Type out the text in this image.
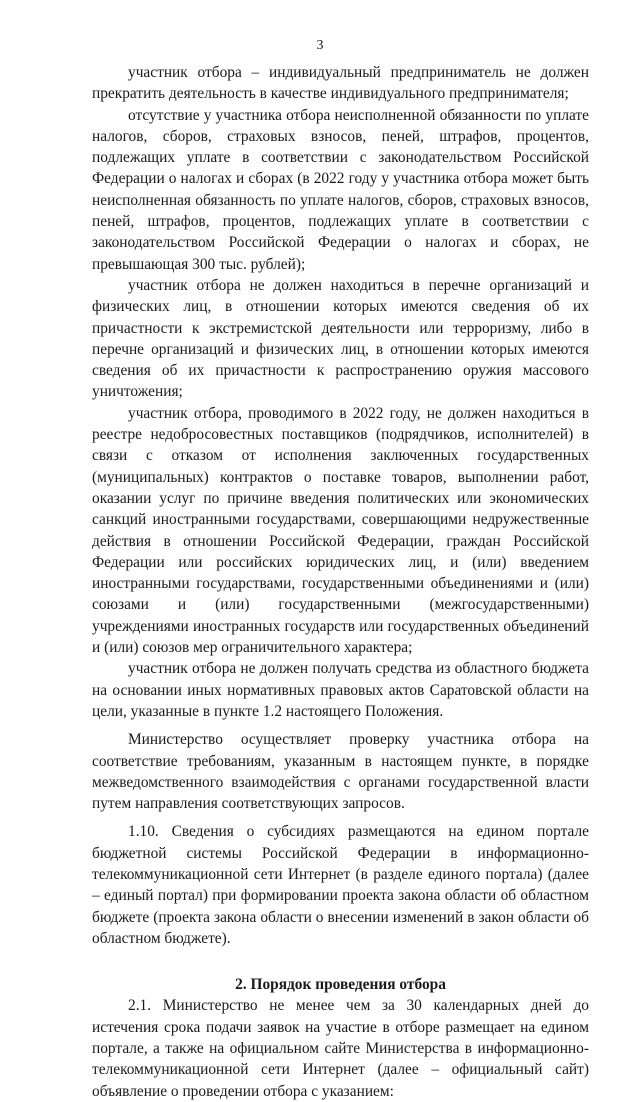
3

участник отбора – индивидуальный предприниматель не должен прекратить деятельность в качестве индивидуального предпринимателя;

отсутствие у участника отбора неисполненной обязанности по уплате налогов, сборов, страховых взносов, пеней, штрафов, процентов, подлежащих уплате в соответствии с законодательством Российской Федерации о налогах и сборах (в 2022 году у участника отбора может быть неисполненная обязанность по уплате налогов, сборов, страховых взносов, пеней, штрафов, процентов, подлежащих уплате в соответствии с законодательством Российской Федерации о налогах и сборах, не превышающая 300 тыс. рублей);

участник отбора не должен находиться в перечне организаций и физических лиц, в отношении которых имеются сведения об их причастности к экстремистской деятельности или терроризму, либо в перечне организаций и физических лиц, в отношении которых имеются сведения об их причастности к распространению оружия массового уничтожения;

участник отбора, проводимого в 2022 году, не должен находиться в реестре недобросовестных поставщиков (подрядчиков, исполнителей) в связи с отказом от исполнения заключенных государственных (муниципальных) контрактов о поставке товаров, выполнении работ, оказании услуг по причине введения политических или экономических санкций иностранными государствами, совершающими недружественные действия в отношении Российской Федерации, граждан Российской Федерации или российских юридических лиц, и (или) введением иностранными государствами, государственными объединениями и (или) союзами и (или) государственными (межгосударственными) учреждениями иностранных государств или государственных объединений и (или) союзов мер ограничительного характера;

участник отбора не должен получать средства из областного бюджета на основании иных нормативных правовых актов Саратовской области на цели, указанные в пункте 1.2 настоящего Положения.

Министерство осуществляет проверку участника отбора на соответствие требованиям, указанным в настоящем пункте, в порядке межведомственного взаимодействия с органами государственной власти путем направления соответствующих запросов.

1.10. Сведения о субсидиях размещаются на едином портале бюджетной системы Российской Федерации в информационно-телекоммуникационной сети Интернет (в разделе единого портала) (далее – единый портал) при формировании проекта закона области об областном бюджете (проекта закона области о внесении изменений в закон области об областном бюджете).

2. Порядок проведения отбора

2.1. Министерство не менее чем за 30 календарных дней до истечения срока подачи заявок на участие в отборе размещает на едином портале, а также на официальном сайте Министерства в информационно-телекоммуникационной сети Интернет (далее – официальный сайт) объявление о проведении отбора с указанием:
